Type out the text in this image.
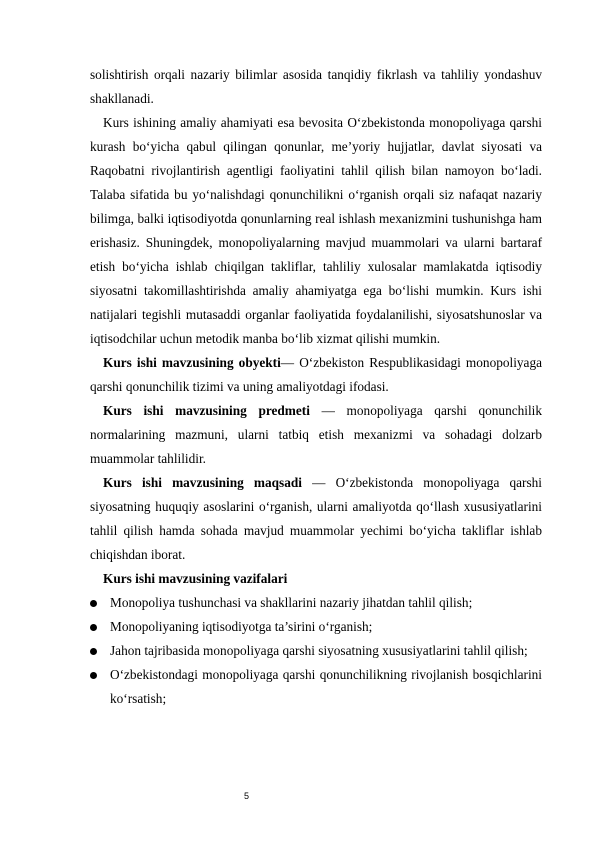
solishtirish orqali nazariy bilimlar asosida tanqidiy fikrlash va tahliliy yondashuv shakllanadi.

Kurs ishining amaliy ahamiyati esa bevosita O‘zbekistonda monopoliyaga qarshi kurash bo‘yicha qabul qilingan qonunlar, me’yoriy hujjatlar, davlat siyosati va Raqobatni rivojlantirish agentligi faoliyatini tahlil qilish bilan namoyon bo‘ladi. Talaba sifatida bu yo‘nalishdagi qonunchilikni o‘rganish orqali siz nafaqat nazariy bilimga, balki iqtisodiyotda qonunlarning real ishlash mexanizmini tushunishga ham erishasiz. Shuningdek, monopoliyalarning mavjud muammolari va ularni bartaraf etish bo‘yicha ishlab chiqilgan takliflar, tahliliy xulosalar mamlakatda iqtisodiy siyosatni takomillashtirishda amaliy ahamiyatga ega bo‘lishi mumkin. Kurs ishi natijalari tegishli mutasaddi organlar faoliyatida foydalanilishi, siyosatshunoslar va iqtisodchilar uchun metodik manba bo‘lib xizmat qilishi mumkin.

Kurs ishi mavzusining obyekti— O‘zbekiston Respublikasidagi monopoliyaga qarshi qonunchilik tizimi va uning amaliyotdagi ifodasi.

Kurs ishi mavzusining predmeti — monopoliyaga qarshi qonunchilik normalarining mazmuni, ularni tatbiq etish mexanizmi va sohadagi dolzarb muammolar tahlilidir.

Kurs ishi mavzusining maqsadi — O‘zbekistonda monopoliyaga qarshi siyosatning huquqiy asoslarini o‘rganish, ularni amaliyotda qo‘llash xususiyatlarini tahlil qilish hamda sohada mavjud muammolar yechimi bo‘yicha takliflar ishlab chiqishdan iborat.

Kurs ishi mavzusining vazifalari

Monopoliya tushunchasi va shakllarini nazariy jihatdan tahlil qilish;
Monopoliyaning iqtisodiyotga ta’sirini o‘rganish;
Jahon tajribasida monopoliyaga qarshi siyosatning xususiyatlarini tahlil qilish;
O‘zbekistondagi monopoliyaga qarshi qonunchilikning rivojlanish bosqichlarini ko‘rsatish;
5
